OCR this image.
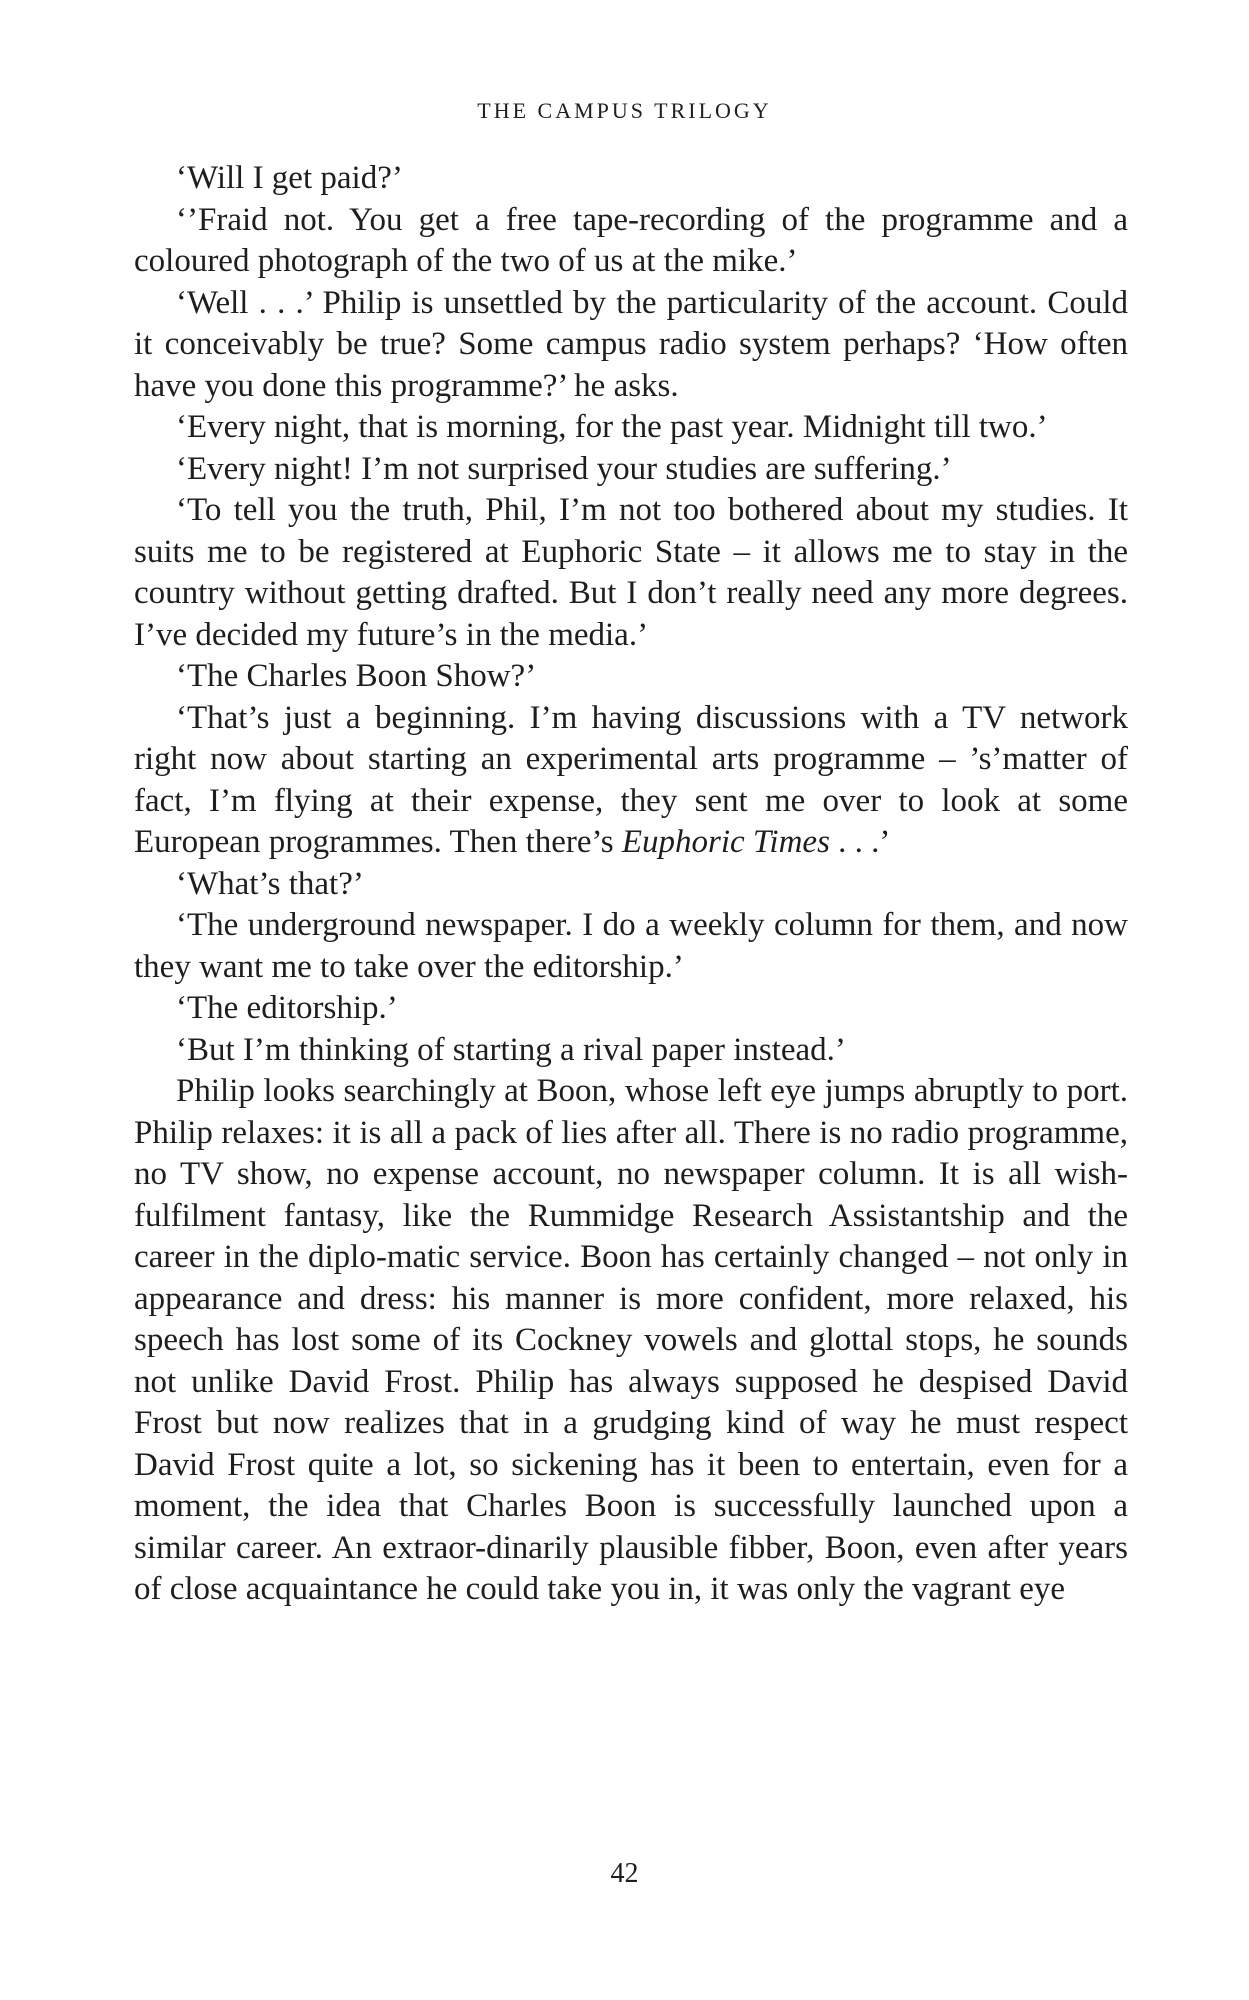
THE CAMPUS TRILOGY

‘Will I get paid?’

‘’Fraid not. You get a free tape-recording of the programme and a coloured photograph of the two of us at the mike.’

‘Well . . .’ Philip is unsettled by the particularity of the account. Could it conceivably be true? Some campus radio system perhaps? ‘How often have you done this programme?’ he asks.

‘Every night, that is morning, for the past year. Midnight till two.’

‘Every night! I’m not surprised your studies are suffering.’

‘To tell you the truth, Phil, I’m not too bothered about my studies. It suits me to be registered at Euphoric State – it allows me to stay in the country without getting drafted. But I don’t really need any more degrees. I’ve decided my future’s in the media.’

‘The Charles Boon Show?’

‘That’s just a beginning. I’m having discussions with a TV network right now about starting an experimental arts programme – ’s’matter of fact, I’m flying at their expense, they sent me over to look at some European programmes. Then there’s Euphoric Times . . .’

‘What’s that?’

‘The underground newspaper. I do a weekly column for them, and now they want me to take over the editorship.’

‘The editorship.’

‘But I’m thinking of starting a rival paper instead.’

Philip looks searchingly at Boon, whose left eye jumps abruptly to port. Philip relaxes: it is all a pack of lies after all. There is no radio programme, no TV show, no expense account, no newspaper column. It is all wish-fulfilment fantasy, like the Rummidge Research Assistantship and the career in the diplo-matic service. Boon has certainly changed – not only in appearance and dress: his manner is more confident, more relaxed, his speech has lost some of its Cockney vowels and glottal stops, he sounds not unlike David Frost. Philip has always supposed he despised David Frost but now realizes that in a grudging kind of way he must respect David Frost quite a lot, so sickening has it been to entertain, even for a moment, the idea that Charles Boon is successfully launched upon a similar career. An extraor-dinarily plausible fibber, Boon, even after years of close acquaintance he could take you in, it was only the vagrant eye

42
